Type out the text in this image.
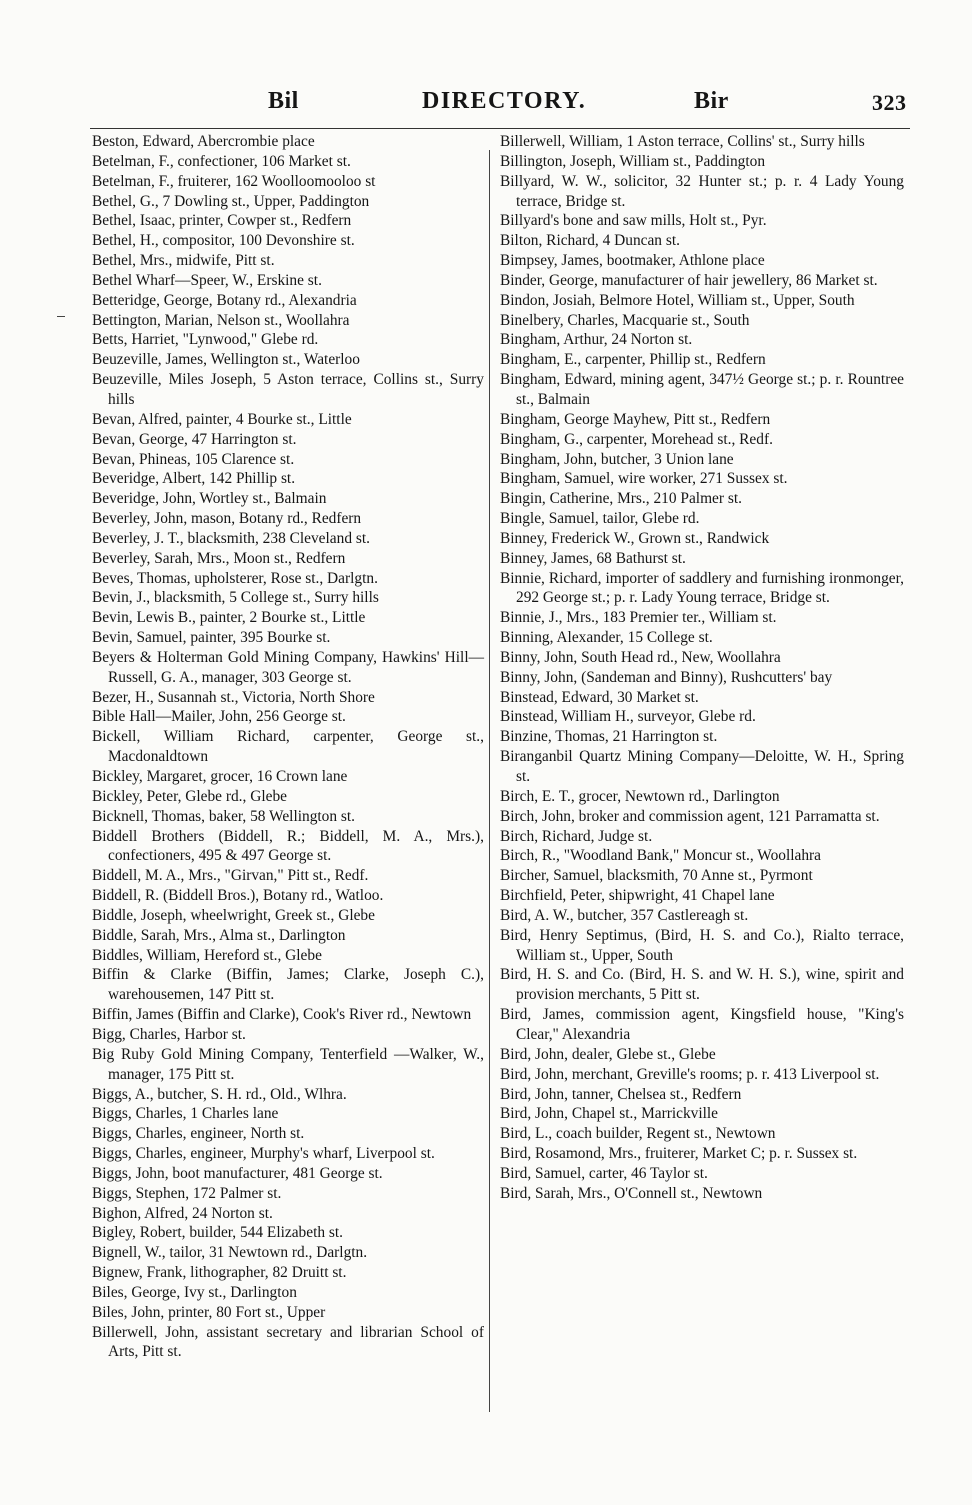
Bil	DIRECTORY.	Bir	323

Beston, Edward, Abercrombie place

Betelman, F., confectioner, 106 Market st.

Betelman, F., fruiterer, 162 Woolloomooloo st

Bethel, G., 7 Dowling st., Upper, Paddington

Bethel, Isaac, printer, Cowper st., Redfern

Bethel, H., compositor, 100 Devonshire st.

Bethel, Mrs., midwife, Pitt st.

Bethel Wharf—Speer, W., Erskine st.

Betteridge, George, Botany rd., Alexandria

Bettington, Marian, Nelson st., Woollahra

Betts, Harriet, "Lynwood," Glebe rd.

Beuzeville, James, Wellington st., Waterloo

Beuzeville, Miles Joseph, 5 Aston terrace, Collins st., Surry hills

Bevan, Alfred, painter, 4 Bourke st., Little

Bevan, George, 47 Harrington st.

Bevan, Phineas, 105 Clarence st.

Beveridge, Albert, 142 Phillip st.

Beveridge, John, Wortley st., Balmain

Beverley, John, mason, Botany rd., Redfern

Beverley, J. T., blacksmith, 238 Cleveland st.

Beverley, Sarah, Mrs., Moon st., Redfern

Beves, Thomas, upholsterer, Rose st., Darlgtn.

Bevin, J., blacksmith, 5 College st., Surry hills

Bevin, Lewis B., painter, 2 Bourke st., Little

Bevin, Samuel, painter, 395 Bourke st.

Beyers & Holterman Gold Mining Company, Hawkins' Hill—Russell, G. A., manager, 303 George st.

Bezer, H., Susannah st., Victoria, North Shore

Bible Hall—Mailer, John, 256 George st.

Bickell, William Richard, carpenter, George st., Macdonaldtown

Bickley, Margaret, grocer, 16 Crown lane

Bickley, Peter, Glebe rd., Glebe

Bicknell, Thomas, baker, 58 Wellington st.

Biddell Brothers (Biddell, R.; Biddell, M. A., Mrs.), confectioners, 495 & 497 George st.

Biddell, M. A., Mrs., "Girvan," Pitt st., Redf.

Biddell, R. (Biddell Bros.), Botany rd., Watloo.

Biddle, Joseph, wheelwright, Greek st., Glebe

Biddle, Sarah, Mrs., Alma st., Darlington

Biddles, William, Hereford st., Glebe

Biffin & Clarke (Biffin, James; Clarke, Joseph C.), warehousemen, 147 Pitt st.

Biffin, James (Biffin and Clarke), Cook's River rd., Newtown

Bigg, Charles, Harbor st.

Big Ruby Gold Mining Company, Tenterfield —Walker, W., manager, 175 Pitt st.

Biggs, A., butcher, S. H. rd., Old., Wlhra.

Biggs, Charles, 1 Charles lane

Biggs, Charles, engineer, North st.

Biggs, Charles, engineer, Murphy's wharf, Liverpool st.

Biggs, John, boot manufacturer, 481 George st.

Biggs, Stephen, 172 Palmer st.

Bighon, Alfred, 24 Norton st.

Bigley, Robert, builder, 544 Elizabeth st.

Bignell, W., tailor, 31 Newtown rd., Darlgtn.

Bignew, Frank, lithographer, 82 Druitt st.

Biles, George, Ivy st., Darlington

Biles, John, printer, 80 Fort st., Upper

Billerwell, John, assistant secretary and librarian School of Arts, Pitt st.

Billerwell, William, 1 Aston terrace, Collins' st., Surry hills

Billington, Joseph, William st., Paddington

Billyard, W. W., solicitor, 32 Hunter st.; p. r. 4 Lady Young terrace, Bridge st.

Billyard's bone and saw mills, Holt st., Pyr.

Bilton, Richard, 4 Duncan st.

Bimpsey, James, bootmaker, Athlone place

Binder, George, manufacturer of hair jewellery, 86 Market st.

Bindon, Josiah, Belmore Hotel, William st., Upper, South

Binelbery, Charles, Macquarie st., South

Bingham, Arthur, 24 Norton st.

Bingham, E., carpenter, Phillip st., Redfern

Bingham, Edward, mining agent, 347½ George st.; p. r. Rountree st., Balmain

Bingham, George Mayhew, Pitt st., Redfern

Bingham, G., carpenter, Morehead st., Redf.

Bingham, John, butcher, 3 Union lane

Bingham, Samuel, wire worker, 271 Sussex st.

Bingin, Catherine, Mrs., 210 Palmer st.

Bingle, Samuel, tailor, Glebe rd.

Binney, Frederick W., Grown st., Randwick

Binney, James, 68 Bathurst st.

Binnie, Richard, importer of saddlery and furnishing ironmonger, 292 George st.; p. r. Lady Young terrace, Bridge st.

Binnie, J., Mrs., 183 Premier ter., William st.

Binning, Alexander, 15 College st.

Binny, John, South Head rd., New, Woollahra

Binny, John, (Sandeman and Binny), Rushcutters' bay

Binstead, Edward, 30 Market st.

Binstead, William H., surveyor, Glebe rd.

Binzine, Thomas, 21 Harrington st.

Biranganbil Quartz Mining Company—Deloitte, W. H., Spring st.

Birch, E. T., grocer, Newtown rd., Darlington

Birch, John, broker and commission agent, 121 Parramatta st.

Birch, Richard, Judge st.

Birch, R., "Woodland Bank," Moncur st., Woollahra

Bircher, Samuel, blacksmith, 70 Anne st., Pyrmont

Birchfield, Peter, shipwright, 41 Chapel lane

Bird, A. W., butcher, 357 Castlereagh st.

Bird, Henry Septimus, (Bird, H. S. and Co.), Rialto terrace, William st., Upper, South

Bird, H. S. and Co. (Bird, H. S. and W. H. S.), wine, spirit and provision merchants, 5 Pitt st.

Bird, James, commission agent, Kingsfield house, "King's Clear," Alexandria

Bird, John, dealer, Glebe st., Glebe

Bird, John, merchant, Greville's rooms; p. r. 413 Liverpool st.

Bird, John, tanner, Chelsea st., Redfern

Bird, John, Chapel st., Marrickville

Bird, L., coach builder, Regent st., Newtown

Bird, Rosamond, Mrs., fruiterer, Market C; p. r. Sussex st.

Bird, Samuel, carter, 46 Taylor st.

Bird, Sarah, Mrs., O'Connell st., Newtown
